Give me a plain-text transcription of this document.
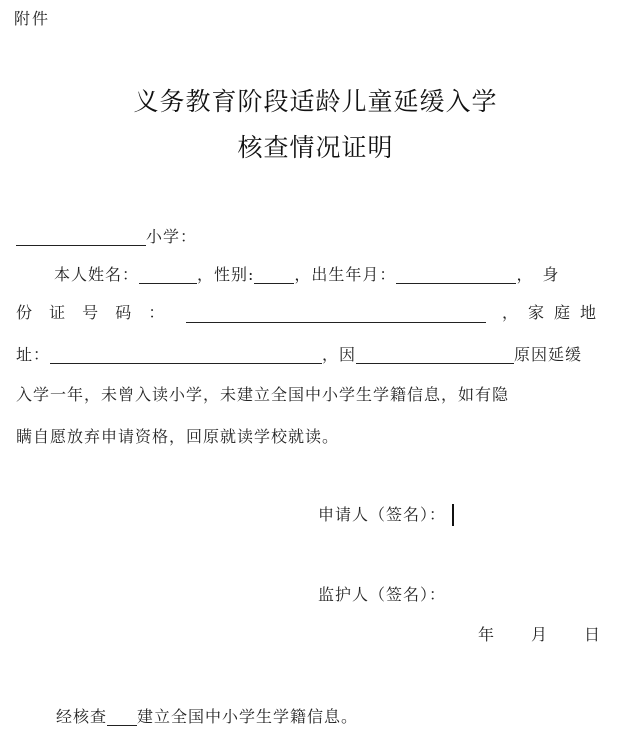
附件
义务教育阶段适龄儿童延缓入学
核查情况证明
小学：
本人姓名：	，性别:	，出生年月：	，身
份 证 号 码 ：	，家庭地
址：	，因	原因延缓
入学一年，未曾入读小学，未建立全国中小学生学籍信息，如有隐
瞒自愿放弃申请资格，回原就读学校就读。
申请人（签名）：
监护人（签名）：
年 月 日
经核查 建立全国中小学生学籍信息。
